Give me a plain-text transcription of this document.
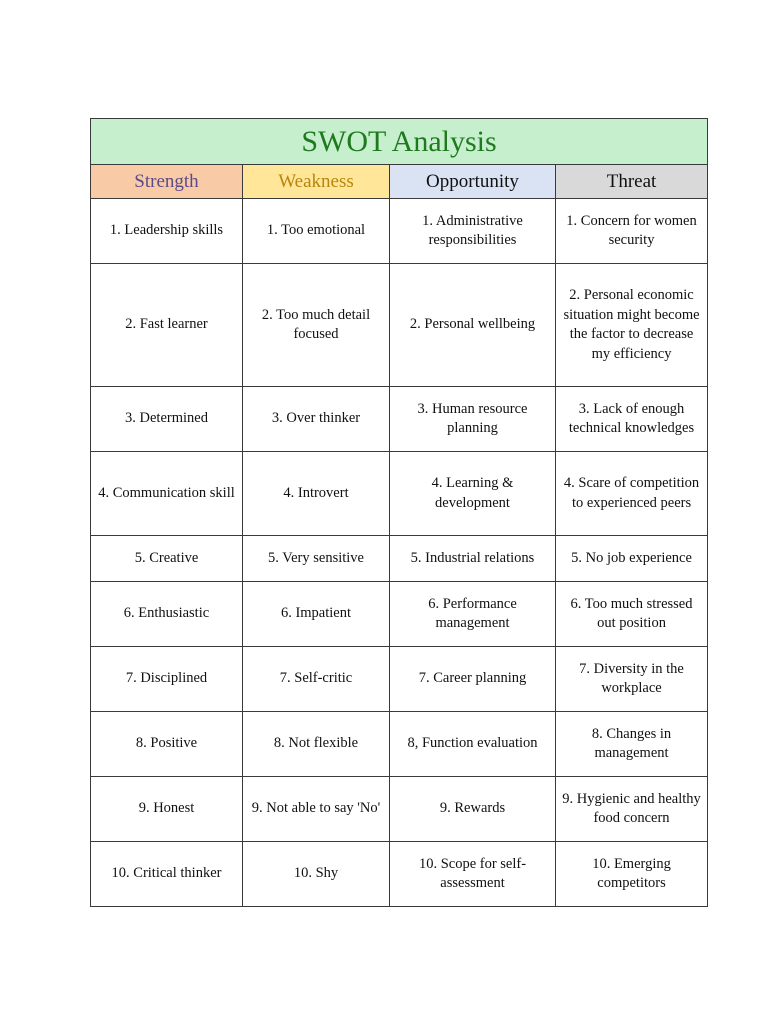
SWOT Analysis			
Strength	Weakness	Opportunity	Threat
1. Leadership skills	1. Too emotional	1. Administrative responsibilities	1. Concern for women security
2. Fast learner	2. Too much detail focused	2. Personal wellbeing	2. Personal economic situation might become the factor to decrease my efficiency
3. Determined	3. Over thinker	3. Human resource planning	3. Lack of enough technical knowledges
4. Communication skill	4. Introvert	4. Learning & development	4. Scare of competition to experienced peers
5. Creative	5. Very sensitive	5. Industrial relations	5. No job experience
6. Enthusiastic	6. Impatient	6. Performance management	6. Too much stressed out position
7. Disciplined	7. Self-critic	7. Career planning	7. Diversity in the workplace
8. Positive	8. Not flexible	8, Function evaluation	8. Changes in management
9. Honest	9. Not able to say 'No'	9. Rewards	9. Hygienic and healthy food concern
10. Critical thinker	10. Shy	10. Scope for self-assessment	10. Emerging competitors
